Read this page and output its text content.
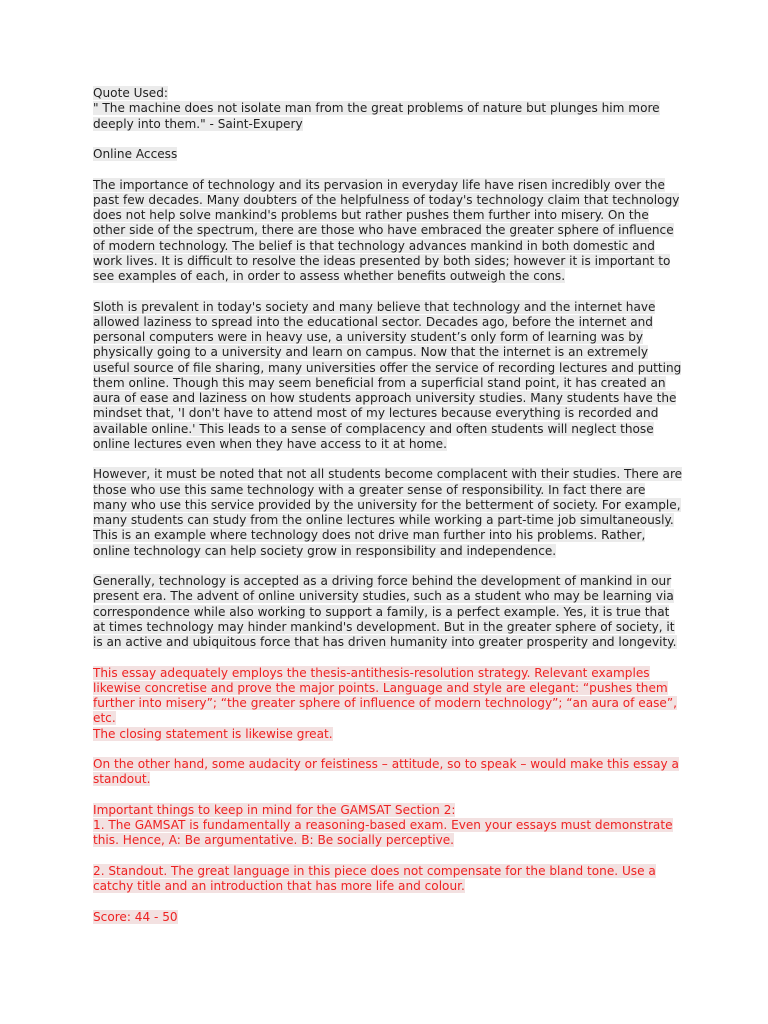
Quote Used:
" The machine does not isolate man from the great problems of nature but plunges him more deeply into them." - Saint-Exupery
Online Access
The importance of technology and its pervasion in everyday life have risen incredibly over the past few decades. Many doubters of the helpfulness of today's technology claim that technology does not help solve mankind's problems but rather pushes them further into misery. On the other side of the spectrum, there are those who have embraced the greater sphere of influence of modern technology. The belief is that technology advances mankind in both domestic and work lives. It is difficult to resolve the ideas presented by both sides; however it is important to see examples of each, in order to assess whether benefits outweigh the cons.
Sloth is prevalent in today's society and many believe that technology and the internet have allowed laziness to spread into the educational sector. Decades ago, before the internet and personal computers were in heavy use, a university student’s only form of learning was by physically going to a university and learn on campus. Now that the internet is an extremely useful source of file sharing, many universities offer the service of recording lectures and putting them online. Though this may seem beneficial from a superficial stand point, it has created an aura of ease and laziness on how students approach university studies. Many students have the mindset that, 'I don't have to attend most of my lectures because everything is recorded and available online.' This leads to a sense of complacency and often students will neglect those online lectures even when they have access to it at home.
However, it must be noted that not all students become complacent with their studies. There are those who use this same technology with a greater sense of responsibility. In fact there are many who use this service provided by the university for the betterment of society. For example, many students can study from the online lectures while working a part-time job simultaneously. This is an example where technology does not drive man further into his problems. Rather, online technology can help society grow in responsibility and independence.
Generally, technology is accepted as a driving force behind the development of mankind in our present era. The advent of online university studies, such as a student who may be learning via correspondence while also working to support a family, is a perfect example. Yes, it is true that at times technology may hinder mankind's development. But in the greater sphere of society, it is an active and ubiquitous force that has driven humanity into greater prosperity and longevity.
This essay adequately employs the thesis-antithesis-resolution strategy. Relevant examples likewise concretise and prove the major points. Language and style are elegant: “pushes them further into misery”; “the greater sphere of influence of modern technology”; “an aura of ease”, etc.
The closing statement is likewise great.
On the other hand, some audacity or feistiness – attitude, so to speak – would make this essay a standout.
Important things to keep in mind for the GAMSAT Section 2:
1. The GAMSAT is fundamentally a reasoning-based exam. Even your essays must demonstrate this. Hence, A: Be argumentative. B: Be socially perceptive.
2. Standout. The great language in this piece does not compensate for the bland tone. Use a catchy title and an introduction that has more life and colour.
Score: 44 - 50
